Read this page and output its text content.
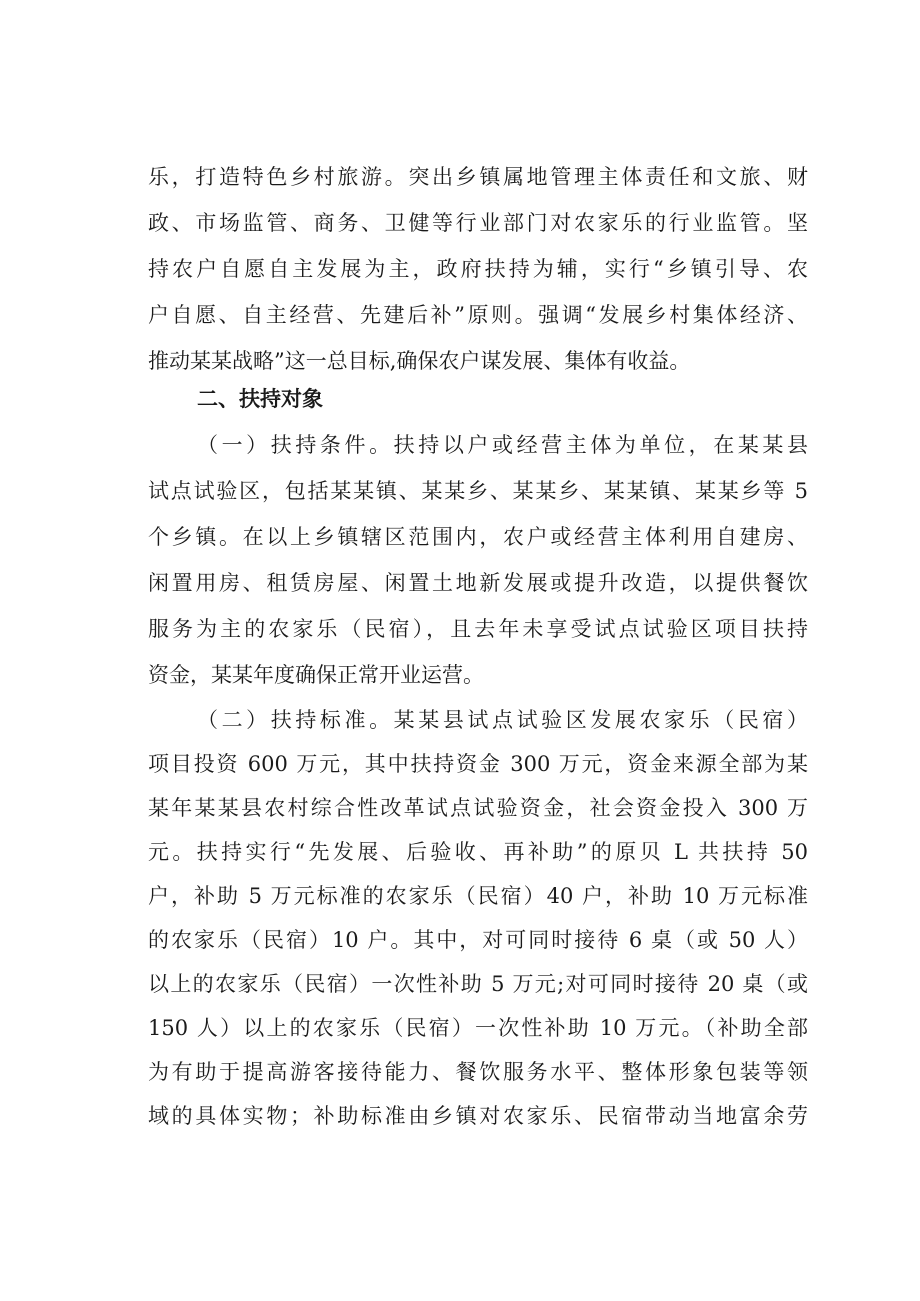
乐，打造特色乡村旅游。突出乡镇属地管理主体责任和文旅、财
政、市场监管、商务、卫健等行业部门对农家乐的行业监管。坚
持农户自愿自主发展为主，政府扶持为辅，实行“乡镇引导、农
户自愿、自主经营、先建后补”原则。强调“发展乡村集体经济、
推动某某战略”这一总目标,确保农户谋发展、集体有收益。
二、扶持对象
（一）扶持条件。扶持以户或经营主体为单位，在某某县
试点试验区，包括某某镇、某某乡、某某乡、某某镇、某某乡等 5
个乡镇。在以上乡镇辖区范围内，农户或经营主体利用自建房、
闲置用房、租赁房屋、闲置土地新发展或提升改造，以提供餐饮
服务为主的农家乐（民宿），且去年未享受试点试验区项目扶持
资金，某某年度确保正常开业运营。
（二）扶持标准。某某县试点试验区发展农家乐（民宿）
项目投资 600 万元，其中扶持资金 300 万元，资金来源全部为某
某年某某县农村综合性改革试点试验资金，社会资金投入 300 万
元。扶持实行“先发展、后验收、再补助”的原贝 L 共扶持 50
户，补助 5 万元标准的农家乐（民宿）40 户，补助 10 万元标准
的农家乐（民宿）10 户。其中，对可同时接待 6 桌（或 50 人）
以上的农家乐（民宿）一次性补助 5 万元;对可同时接待 20 桌（或
150 人）以上的农家乐（民宿）一次性补助 10 万元。（补助全部
为有助于提高游客接待能力、餐饮服务水平、整体形象包装等领
域的具体实物；补助标准由乡镇对农家乐、民宿带动当地富余劳
